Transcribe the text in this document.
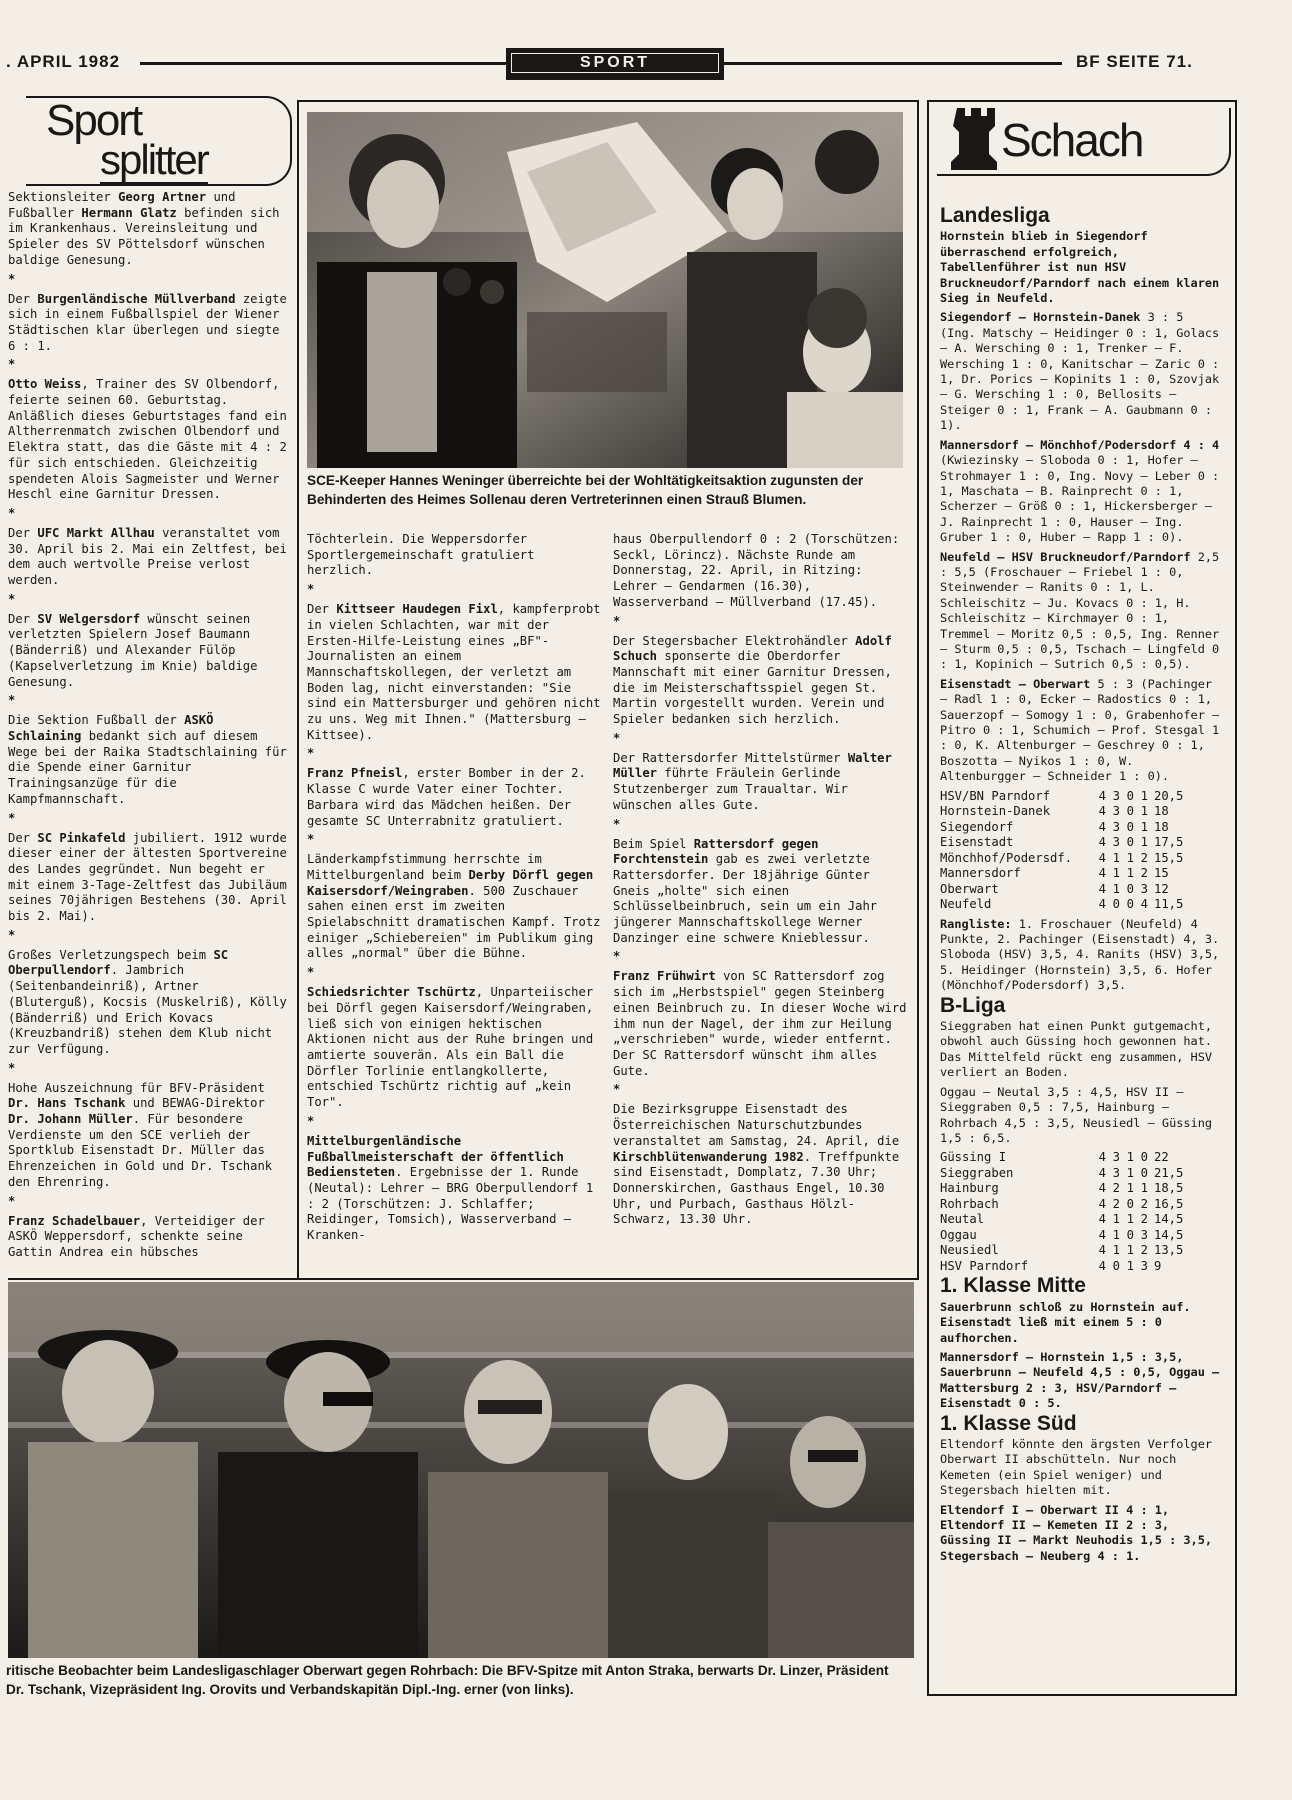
. APRIL 1982	SPORT	BF SEITE 71.
Sport
splitter

Sektionsleiter Georg Artner und Fußballer Hermann Glatz befinden sich im Krankenhaus. Vereinsleitung und Spieler des SV Pöttelsdorf wünschen baldige Genesung.

*

Der Burgenländische Müllverband zeigte sich in einem Fußballspiel der Wiener Städtischen klar überlegen und siegte 6 : 1.

*

Otto Weiss, Trainer des SV Olbendorf, feierte seinen 60. Geburtstag. Anläßlich dieses Geburtstages fand ein Altherrenmatch zwischen Olbendorf und Elektra statt, das die Gäste mit 4 : 2 für sich entschieden. Gleichzeitig spendeten Alois Sagmeister und Werner Heschl eine Garnitur Dressen.

*

Der UFC Markt Allhau veranstaltet vom 30. April bis 2. Mai ein Zeltfest, bei dem auch wertvolle Preise verlost werden.

*

Der SV Welgersdorf wünscht seinen verletzten Spielern Josef Baumann (Bänderriß) und Alexander Fülöp (Kapselverletzung im Knie) baldige Genesung.

*

Die Sektion Fußball der ASKÖ Schlaining bedankt sich auf diesem Wege bei der Raika Stadtschlaining für die Spende einer Garnitur Trainingsanzüge für die Kampfmannschaft.

*

Der SC Pinkafeld jubiliert. 1912 wurde dieser einer der ältesten Sportvereine des Landes gegründet. Nun begeht er mit einem 3-Tage-Zeltfest das Jubiläum seines 70jährigen Bestehens (30. April bis 2. Mai).

*

Großes Verletzungspech beim SC Oberpullendorf. Jambrich (Seitenbandeinriß), Artner (Bluterguß), Kocsis (Muskelriß), Kölly (Bänderriß) und Erich Kovacs (Kreuzbandriß) stehen dem Klub nicht zur Verfügung.

*

Hohe Auszeichnung für BFV-Präsident Dr. Hans Tschank und BEWAG-Direktor Dr. Johann Müller. Für besondere Verdienste um den SCE verlieh der Sportklub Eisenstadt Dr. Müller das Ehrenzeichen in Gold und Dr. Tschank den Ehrenring.

*

Franz Schadelbauer, Verteidiger der ASKÖ Weppersdorf, schenkte seine Gattin Andrea ein hübsches

SCE-Keeper Hannes Weninger überreichte bei der Wohltätigkeitsaktion zugunsten der Behinderten des Heimes Sollenau deren Vertreterinnen einen Strauß Blumen.

Töchterlein. Die Weppersdorfer Sportlergemeinschaft gratuliert herzlich.

*

Der Kittseer Haudegen Fixl, kampferprobt in vielen Schlachten, war mit der Ersten-Hilfe-Leistung eines „BF"-Journalisten an einem Mannschaftskollegen, der verletzt am Boden lag, nicht einverstanden: "Sie sind ein Mattersburger und gehören nicht zu uns. Weg mit Ihnen." (Mattersburg — Kittsee).

*

Franz Pfneisl, erster Bomber in der 2. Klasse C wurde Vater einer Tochter. Barbara wird das Mädchen heißen. Der gesamte SC Unterrabnitz gratuliert.

*

Länderkampfstimmung herrschte im Mittelburgenland beim Derby Dörfl gegen Kaisersdorf/Weingraben. 500 Zuschauer sahen einen erst im zweiten Spielabschnitt dramatischen Kampf. Trotz einiger „Schiebereien" im Publikum ging alles „normal" über die Bühne.

*

Schiedsrichter Tschürtz, Unparteiischer bei Dörfl gegen Kaisersdorf/Weingraben, ließ sich von einigen hektischen Aktionen nicht aus der Ruhe bringen und amtierte souverän. Als ein Ball die Dörfler Torlinie entlangkollerte, entschied Tschürtz richtig auf „kein Tor".

*

Mittelburgenländische Fußballmeisterschaft der öffentlich Bediensteten. Ergebnisse der 1. Runde (Neutal): Lehrer — BRG Oberpullendorf 1 : 2 (Torschützen: J. Schlaffer; Reidinger, Tomsich), Wasserverband — Kranken-

haus Oberpullendorf 0 : 2 (Torschützen: Seckl, Lörincz). Nächste Runde am Donnerstag, 22. April, in Ritzing: Lehrer — Gendarmen (16.30), Wasserverband — Müllverband (17.45).

*

Der Stegersbacher Elektrohändler Adolf Schuch sponserte die Oberdorfer Mannschaft mit einer Garnitur Dressen, die im Meisterschaftsspiel gegen St. Martin vorgestellt wurden. Verein und Spieler bedanken sich herzlich.

*

Der Rattersdorfer Mittelstürmer Walter Müller führte Fräulein Gerlinde Stutzenberger zum Traualtar. Wir wünschen alles Gute.

*

Beim Spiel Rattersdorf gegen Forchtenstein gab es zwei verletzte Rattersdorfer. Der 18jährige Günter Gneis „holte" sich einen Schlüsselbeinbruch, sein um ein Jahr jüngerer Mannschaftskollege Werner Danzinger eine schwere Knieblessur.

*

Franz Frühwirt von SC Rattersdorf zog sich im „Herbstspiel" gegen Steinberg einen Beinbruch zu. In dieser Woche wird ihm nun der Nagel, der ihm zur Heilung „verschrieben" wurde, wieder entfernt. Der SC Rattersdorf wünscht ihm alles Gute.

*

Die Bezirksgruppe Eisenstadt des Österreichischen Naturschutzbundes veranstaltet am Samstag, 24. April, die Kirschblütenwanderung 1982. Treffpunkte sind Eisenstadt, Domplatz, 7.30 Uhr; Donnerskirchen, Gasthaus Engel, 10.30 Uhr, und Purbach, Gasthaus Hölzl-Schwarz, 13.30 Uhr.

ritische Beobachter beim Landesligaschlager Oberwart gegen Rohrbach: Die BFV-Spitze mit Anton Straka, berwarts Dr. Linzer, Präsident Dr. Tschank, Vizepräsident Ing. Orovits und Verbandskapitän Dipl.-Ing. erner (von links).
Schach
Landesliga

Hornstein blieb in Siegendorf überraschend erfolgreich, Tabellenführer ist nun HSV Bruckneudorf/Parndorf nach einem klaren Sieg in Neufeld.

Siegendorf — Hornstein-Danek 3 : 5 (Ing. Matschy — Heidinger 0 : 1, Golacs — A. Wersching 0 : 1, Trenker — F. Wersching 1 : 0, Kanitschar — Zaric 0 : 1, Dr. Porics — Kopinits 1 : 0, Szovjak — G. Wersching 1 : 0, Bellosits — Steiger 0 : 1, Frank — A. Gaubmann 0 : 1).

Mannersdorf — Mönchhof/Podersdorf 4 : 4 (Kwiezinsky — Sloboda 0 : 1, Hofer — Strohmayer 1 : 0, Ing. Novy — Leber 0 : 1, Maschata — B. Rainprecht 0 : 1, Scherzer — Größ 0 : 1, Hickersberger — J. Rainprecht 1 : 0, Hauser — Ing. Gruber 1 : 0, Huber — Rapp 1 : 0).

Neufeld — HSV Bruckneudorf/Parndorf 2,5 : 5,5 (Froschauer — Friebel 1 : 0, Steinwender — Ranits 0 : 1, L. Schleischitz — Ju. Kovacs 0 : 1, H. Schleischitz — Kirchmayer 0 : 1, Tremmel — Moritz 0,5 : 0,5, Ing. Renner — Sturm 0,5 : 0,5, Tschach — Lingfeld 0 : 1, Kopinich — Sutrich 0,5 : 0,5).

Eisenstadt — Oberwart 5 : 3 (Pachinger — Radl 1 : 0, Ecker — Radostics 0 : 1, Sauerzopf — Somogy 1 : 0, Grabenhofer — Pitro 0 : 1, Schumich — Prof. Stesgal 1 : 0, K. Altenburger — Geschrey 0 : 1, Boszotta — Nyikos 1 : 0, W. Altenburgger — Schneider 1 : 0).

HSV/BN Parndorf	4	3	0	1	20,5
Hornstein-Danek	4	3	0	1	18
Siegendorf	4	3	0	1	18
Eisenstadt	4	3	0	1	17,5
Mönchhof/Podersdf.	4	1	1	2	15,5
Mannersdorf	4	1	1	2	15
Oberwart	4	1	0	3	12
Neufeld	4	0	0	4	11,5

Rangliste: 1. Froschauer (Neufeld) 4 Punkte, 2. Pachinger (Eisenstadt) 4, 3. Sloboda (HSV) 3,5, 4. Ranits (HSV) 3,5, 5. Heidinger (Hornstein) 3,5, 6. Hofer (Mönchhof/Podersdorf) 3,5.

B-Liga

Sieggraben hat einen Punkt gutgemacht, obwohl auch Güssing hoch gewonnen hat. Das Mittelfeld rückt eng zusammen, HSV verliert an Boden.

Oggau — Neutal 3,5 : 4,5, HSV II — Sieggraben 0,5 : 7,5, Hainburg — Rohrbach 4,5 : 3,5, Neusiedl — Güssing 1,5 : 6,5.

Güssing I	4	3	1	0	22
Sieggraben	4	3	1	0	21,5
Hainburg	4	2	1	1	18,5
Rohrbach	4	2	0	2	16,5
Neutal	4	1	1	2	14,5
Oggau	4	1	0	3	14,5
Neusiedl	4	1	1	2	13,5
HSV Parndorf	4	0	1	3	9
1. Klasse Mitte

Sauerbrunn schloß zu Hornstein auf. Eisenstadt ließ mit einem 5 : 0 aufhorchen.

Mannersdorf — Hornstein 1,5 : 3,5, Sauerbrunn — Neufeld 4,5 : 0,5, Oggau — Mattersburg 2 : 3, HSV/Parndorf — Eisenstadt 0 : 5.

1. Klasse Süd

Eltendorf könnte den ärgsten Verfolger Oberwart II abschütteln. Nur noch Kemeten (ein Spiel weniger) und Stegersbach hielten mit.

Eltendorf I — Oberwart II 4 : 1, Eltendorf II — Kemeten II 2 : 3, Güssing II — Markt Neuhodis 1,5 : 3,5, Stegersbach — Neuberg 4 : 1.
